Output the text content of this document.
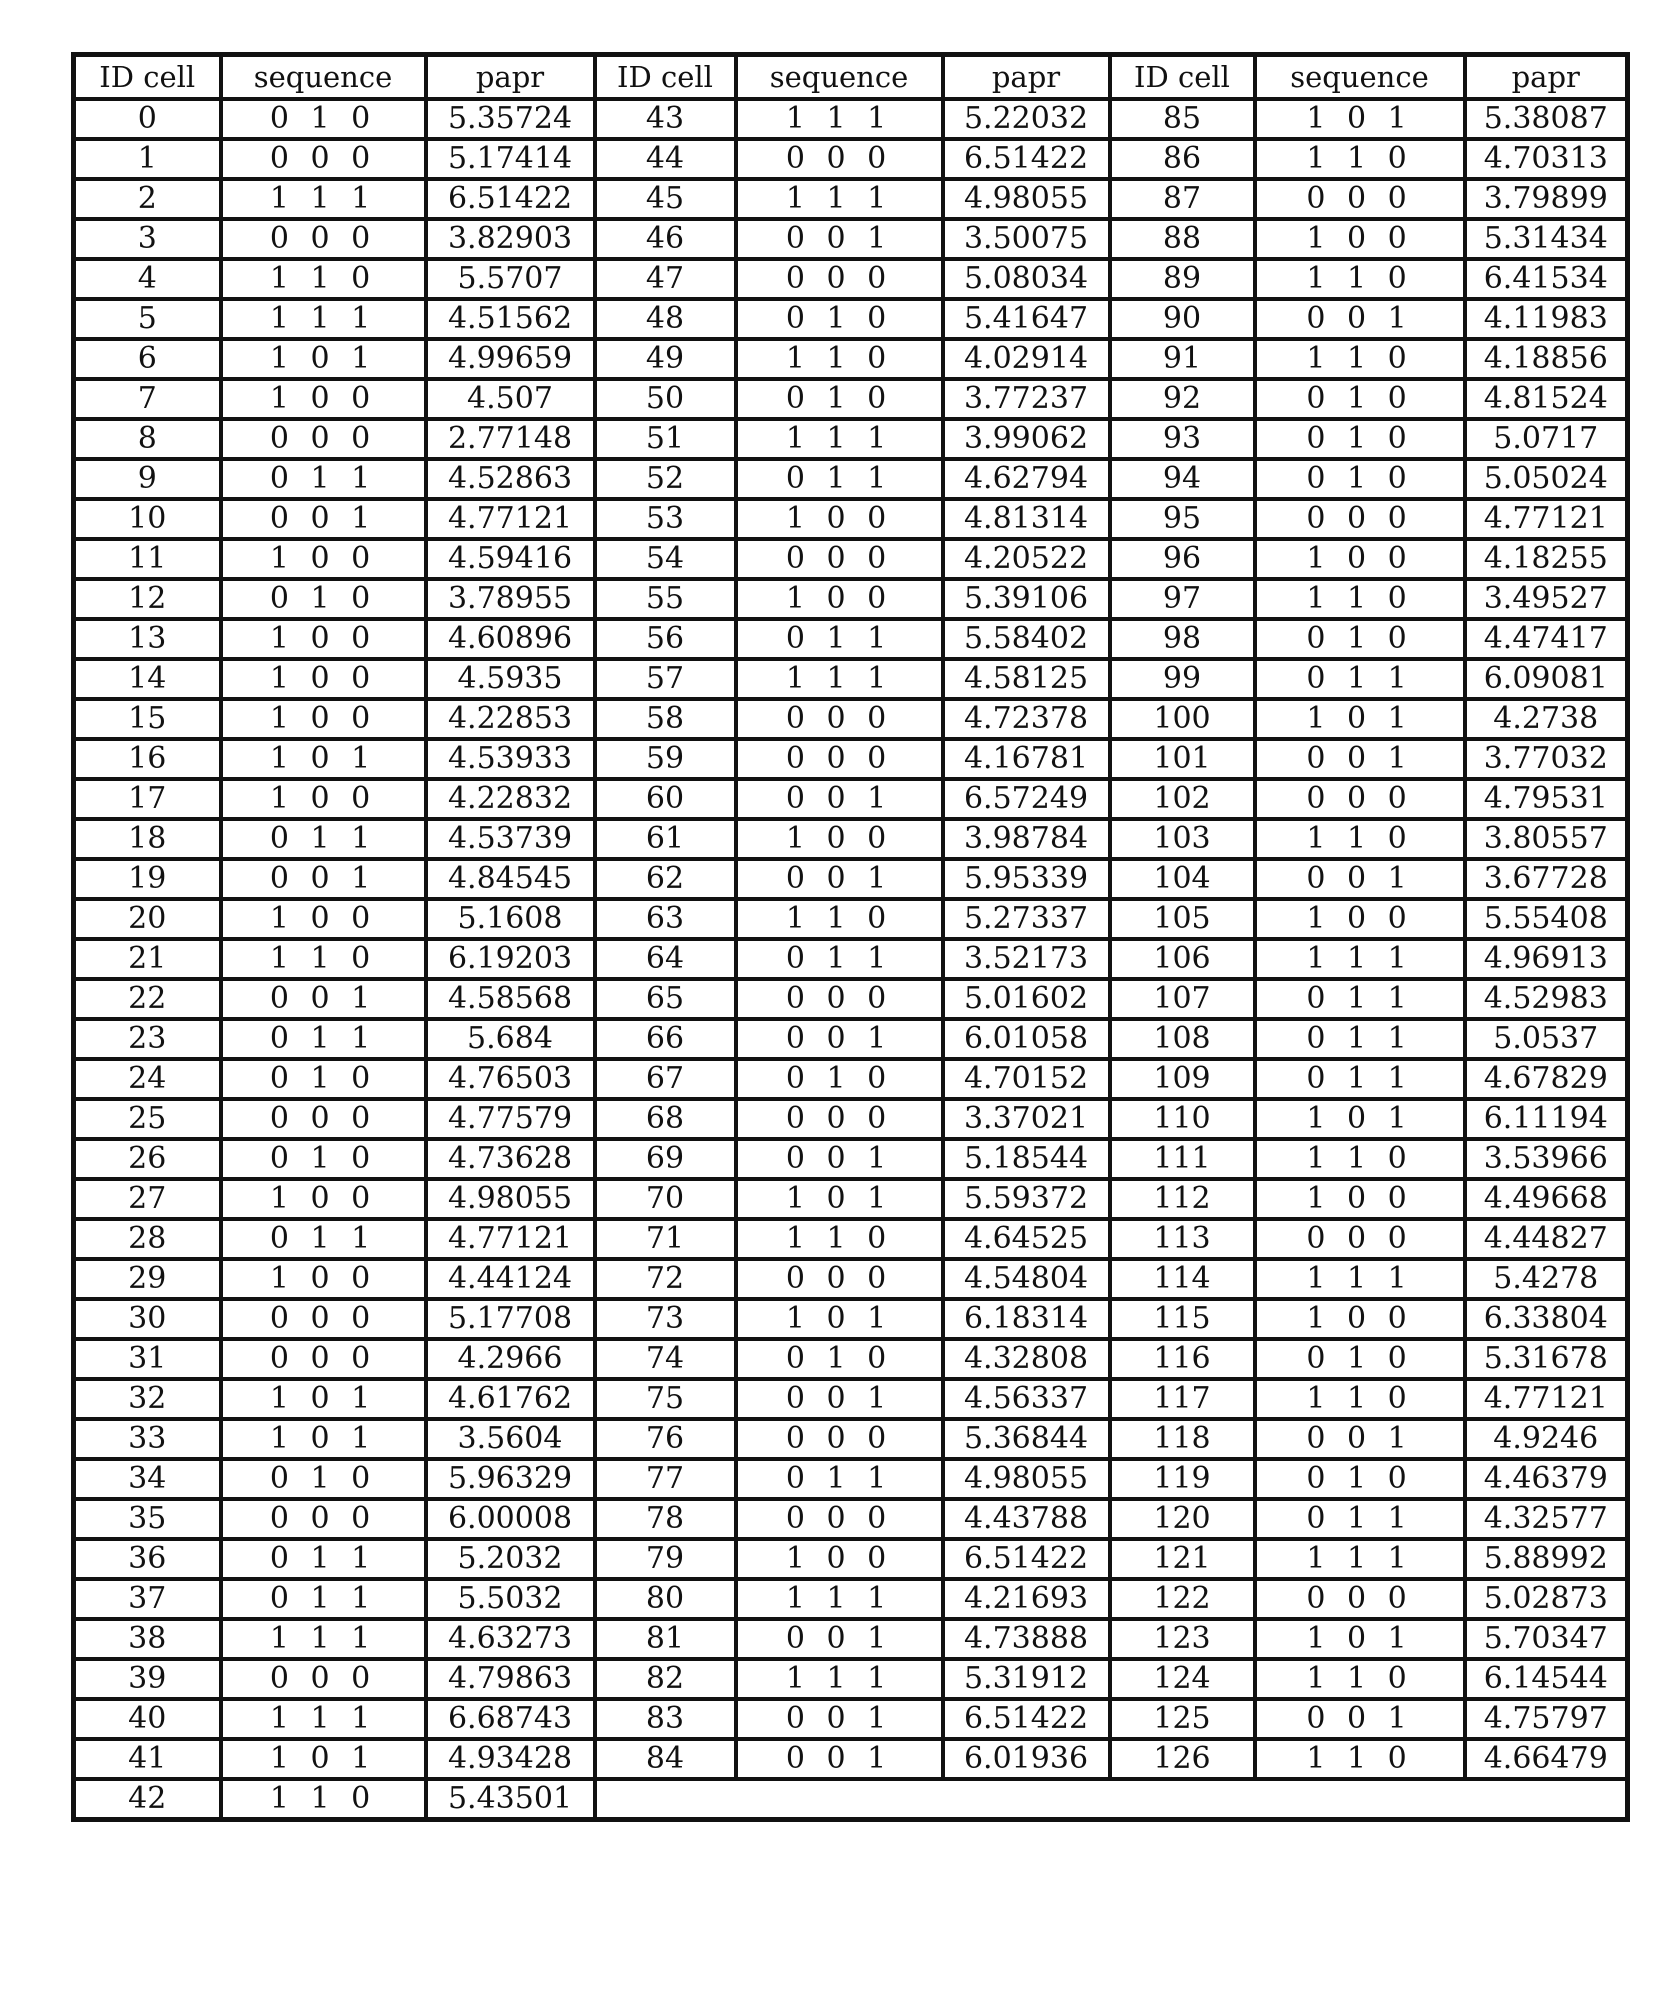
ID cell	sequence	papr	ID cell	sequence	papr	ID cell	sequence	papr
0	0 1 0	5.35724	43	1 1 1	5.22032	85	1 0 1	5.38087
1	0 0 0	5.17414	44	0 0 0	6.51422	86	1 1 0	4.70313
2	1 1 1	6.51422	45	1 1 1	4.98055	87	0 0 0	3.79899
3	0 0 0	3.82903	46	0 0 1	3.50075	88	1 0 0	5.31434
4	1 1 0	5.5707	47	0 0 0	5.08034	89	1 1 0	6.41534
5	1 1 1	4.51562	48	0 1 0	5.41647	90	0 0 1	4.11983
6	1 0 1	4.99659	49	1 1 0	4.02914	91	1 1 0	4.18856
7	1 0 0	4.507	50	0 1 0	3.77237	92	0 1 0	4.81524
8	0 0 0	2.77148	51	1 1 1	3.99062	93	0 1 0	5.0717
9	0 1 1	4.52863	52	0 1 1	4.62794	94	0 1 0	5.05024
10	0 0 1	4.77121	53	1 0 0	4.81314	95	0 0 0	4.77121
11	1 0 0	4.59416	54	0 0 0	4.20522	96	1 0 0	4.18255
12	0 1 0	3.78955	55	1 0 0	5.39106	97	1 1 0	3.49527
13	1 0 0	4.60896	56	0 1 1	5.58402	98	0 1 0	4.47417
14	1 0 0	4.5935	57	1 1 1	4.58125	99	0 1 1	6.09081
15	1 0 0	4.22853	58	0 0 0	4.72378	100	1 0 1	4.2738
16	1 0 1	4.53933	59	0 0 0	4.16781	101	0 0 1	3.77032
17	1 0 0	4.22832	60	0 0 1	6.57249	102	0 0 0	4.79531
18	0 1 1	4.53739	61	1 0 0	3.98784	103	1 1 0	3.80557
19	0 0 1	4.84545	62	0 0 1	5.95339	104	0 0 1	3.67728
20	1 0 0	5.1608	63	1 1 0	5.27337	105	1 0 0	5.55408
21	1 1 0	6.19203	64	0 1 1	3.52173	106	1 1 1	4.96913
22	0 0 1	4.58568	65	0 0 0	5.01602	107	0 1 1	4.52983
23	0 1 1	5.684	66	0 0 1	6.01058	108	0 1 1	5.0537
24	0 1 0	4.76503	67	0 1 0	4.70152	109	0 1 1	4.67829
25	0 0 0	4.77579	68	0 0 0	3.37021	110	1 0 1	6.11194
26	0 1 0	4.73628	69	0 0 1	5.18544	111	1 1 0	3.53966
27	1 0 0	4.98055	70	1 0 1	5.59372	112	1 0 0	4.49668
28	0 1 1	4.77121	71	1 1 0	4.64525	113	0 0 0	4.44827
29	1 0 0	4.44124	72	0 0 0	4.54804	114	1 1 1	5.4278
30	0 0 0	5.17708	73	1 0 1	6.18314	115	1 0 0	6.33804
31	0 0 0	4.2966	74	0 1 0	4.32808	116	0 1 0	5.31678
32	1 0 1	4.61762	75	0 0 1	4.56337	117	1 1 0	4.77121
33	1 0 1	3.5604	76	0 0 0	5.36844	118	0 0 1	4.9246
34	0 1 0	5.96329	77	0 1 1	4.98055	119	0 1 0	4.46379
35	0 0 0	6.00008	78	0 0 0	4.43788	120	0 1 1	4.32577
36	0 1 1	5.2032	79	1 0 0	6.51422	121	1 1 1	5.88992
37	0 1 1	5.5032	80	1 1 1	4.21693	122	0 0 0	5.02873
38	1 1 1	4.63273	81	0 0 1	4.73888	123	1 0 1	5.70347
39	0 0 0	4.79863	82	1 1 1	5.31912	124	1 1 0	6.14544
40	1 1 1	6.68743	83	0 0 1	6.51422	125	0 0 1	4.75797
41	1 0 1	4.93428	84	0 0 1	6.01936	126	1 1 0	4.66479
42	1 1 0	5.43501						
